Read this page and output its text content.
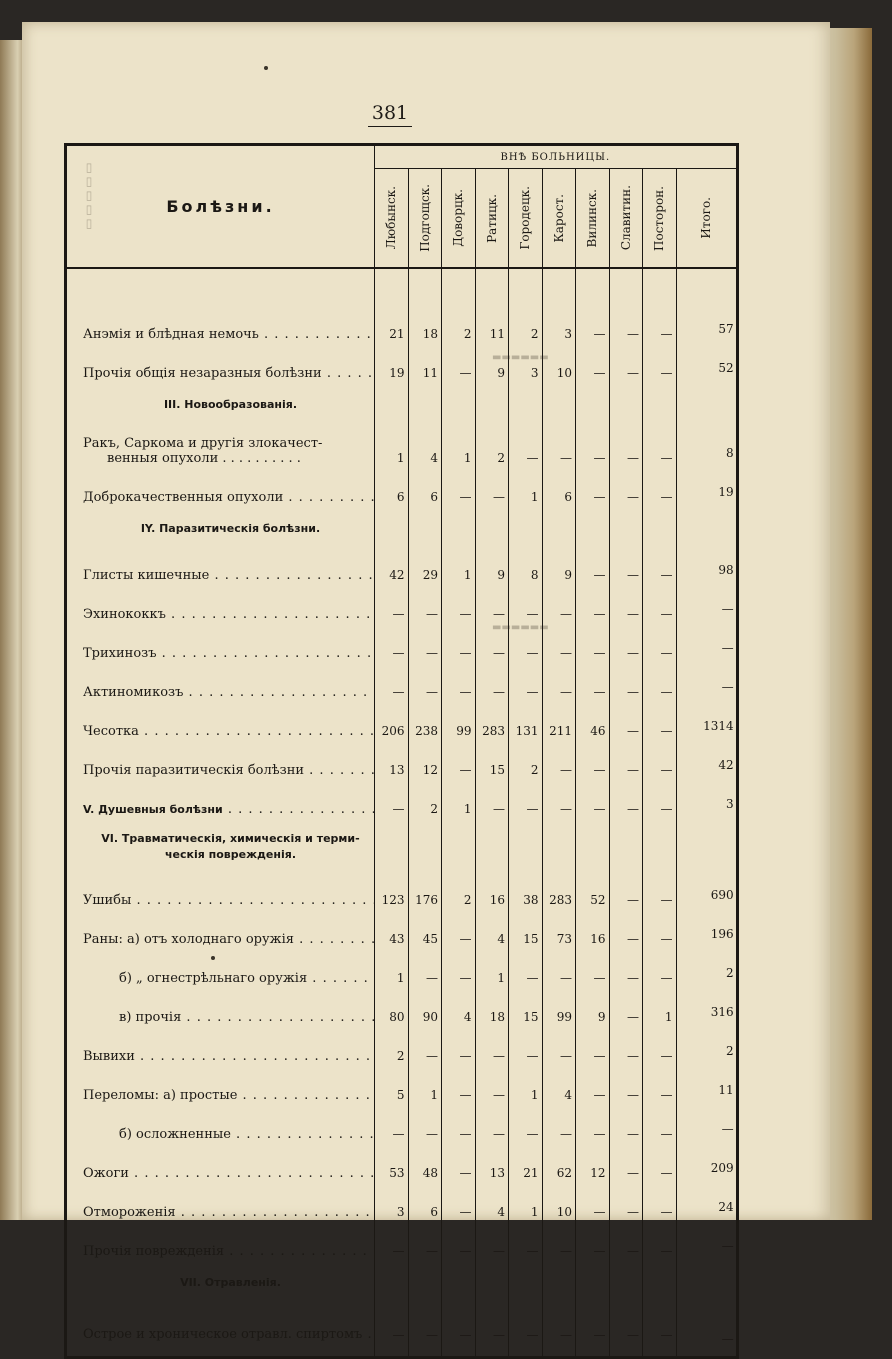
▯▯▯▯▯
▬▬▬▬▬▬
▬▬▬▬▬▬
381
Болѣзни.	ВНѢ БОЛЬНИЦЫ.									

	Любынск.	Подгощск.	Доворцк.	Ратицк.	Городецк.	Карост.	Вилинск.	Славитин.	Посторон.	Итого.

Анэмія и блѣдная немочь . . .	21	18	2	11	2	3	—	—	—	57
Прочія общія незаразныя болѣзни . . .	19	11	—	9	3	10	—	—	—	52
III. Новообразованія.										
Ракъ, Саркома и другія злокачест-
венныя опухоли . . . . . . . . . .	1	4	1	2	—	—	—	—	—	8
Доброкачественныя опухоли . . .	6	6	—	—	1	6	—	—	—	19
IY. Паразитическія болѣзни.										
Глисты кишечные . . .	42	29	1	9	8	9	—	—	—	98
Эхинококкъ . . .	—	—	—	—	—	—	—	—	—	—
Трихинозъ . . .	—	—	—	—	—	—	—	—	—	—
Актиномикозъ . . .	—	—	—	—	—	—	—	—	—	—
Чесотка . . .	206	238	99	283	131	211	46	—	—	1314
Прочія паразитическія болѣзни . . .	13	12	—	15	2	—	—	—	—	42
V. Душевныя болѣзни . . .	—	2	1	—	—	—	—	—	—	3
VI. Травматическія, химическія и терми-ческія поврежденія.										
Ушибы . . .	123	176	2	16	38	283	52	—	—	690
Раны: а) отъ холоднаго оружія . . .	43	45	—	4	15	73	16	—	—	196
б) „ огнестрѣльнаго оружія . . .	1	—	—	1	—	—	—	—	—	2
в) прочія . . .	80	90	4	18	15	99	9	—	1	316
Вывихи . . .	2	—	—	—	—	—	—	—	—	2
Переломы: а) простые . . .	5	1	—	—	1	4	—	—	—	11
б) осложненные . . .	—	—	—	—	—	—	—	—	—	—
Ожоги . . .	53	48	—	13	21	62	12	—	—	209
Отмороженія . . .	3	6	—	4	1	10	—	—	—	24
Прочія поврежденія . . .	—	—	—	—	—	—	—	—	—	—
VII. Отравленія.										
Острое и хроническое отравл. спиртомъ . . .	—	—	—	—	—	—	—	—	—	—
